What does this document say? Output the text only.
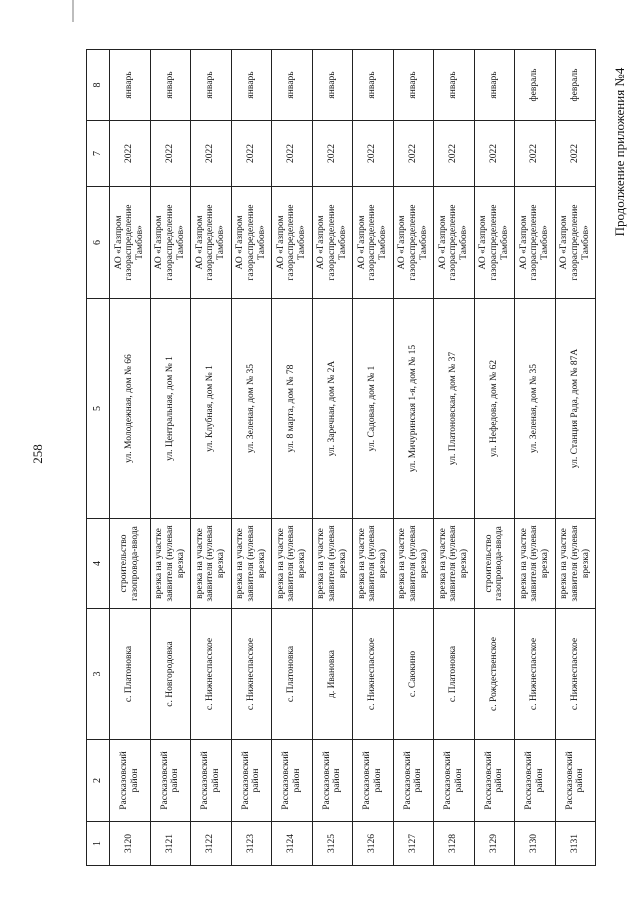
258
Продолжение приложения №4
1	2	3	4	5	6	7	8
3120	Рассказовский район	с. Платоновка	строительство газопровода-ввода	ул. Молодежная, дом № 66	АО «Газпром газораспределение Тамбов»	2022	январь
3121	Рассказовский район	с. Новгородовка	врезка на участке заявителя (нулевая врезка)	ул. Центральная, дом № 1	АО «Газпром газораспределение Тамбов»	2022	январь
3122	Рассказовский район	с. Нижнеспасское	врезка на участке заявителя (нулевая врезка)	ул. Клубная, дом № 1	АО «Газпром газораспределение Тамбов»	2022	январь
3123	Рассказовский район	с. Нижнеспасское	врезка на участке заявителя (нулевая врезка)	ул. Зеленая, дом № 35	АО «Газпром газораспределение Тамбов»	2022	январь
3124	Рассказовский район	с. Платоновка	врезка на участке заявителя (нулевая врезка)	ул. 8 марта, дом № 78	АО «Газпром газораспределение Тамбов»	2022	январь
3125	Рассказовский район	д. Ивановка	врезка на участке заявителя (нулевая врезка)	ул. Заречная, дом № 2А	АО «Газпром газораспределение Тамбов»	2022	январь
3126	Рассказовский район	с. Нижнеспасское	врезка на участке заявителя (нулевая врезка)	ул. Садовая, дом № 1	АО «Газпром газораспределение Тамбов»	2022	январь
3127	Рассказовский район	с. Саюкино	врезка на участке заявителя (нулевая врезка)	ул. Мичуринская 1-я, дом № 15	АО «Газпром газораспределение Тамбов»	2022	январь
3128	Рассказовский район	с. Платоновка	врезка на участке заявителя (нулевая врезка)	ул. Платоновская, дом № 37	АО «Газпром газораспределение Тамбов»	2022	январь
3129	Рассказовский район	с. Рождественское	строительство газопровода-ввода	ул. Нефедова, дом № 62	АО «Газпром газораспределение Тамбов»	2022	январь
3130	Рассказовский район	с. Нижнеспасское	врезка на участке заявителя (нулевая врезка)	ул. Зеленая, дом № 35	АО «Газпром газораспределение Тамбов»	2022	февраль
3131	Рассказовский район	с. Нижнеспасское	врезка на участке заявителя (нулевая врезка)	ул. Станция Рада, дом № 87А	АО «Газпром газораспределение Тамбов»	2022	февраль
